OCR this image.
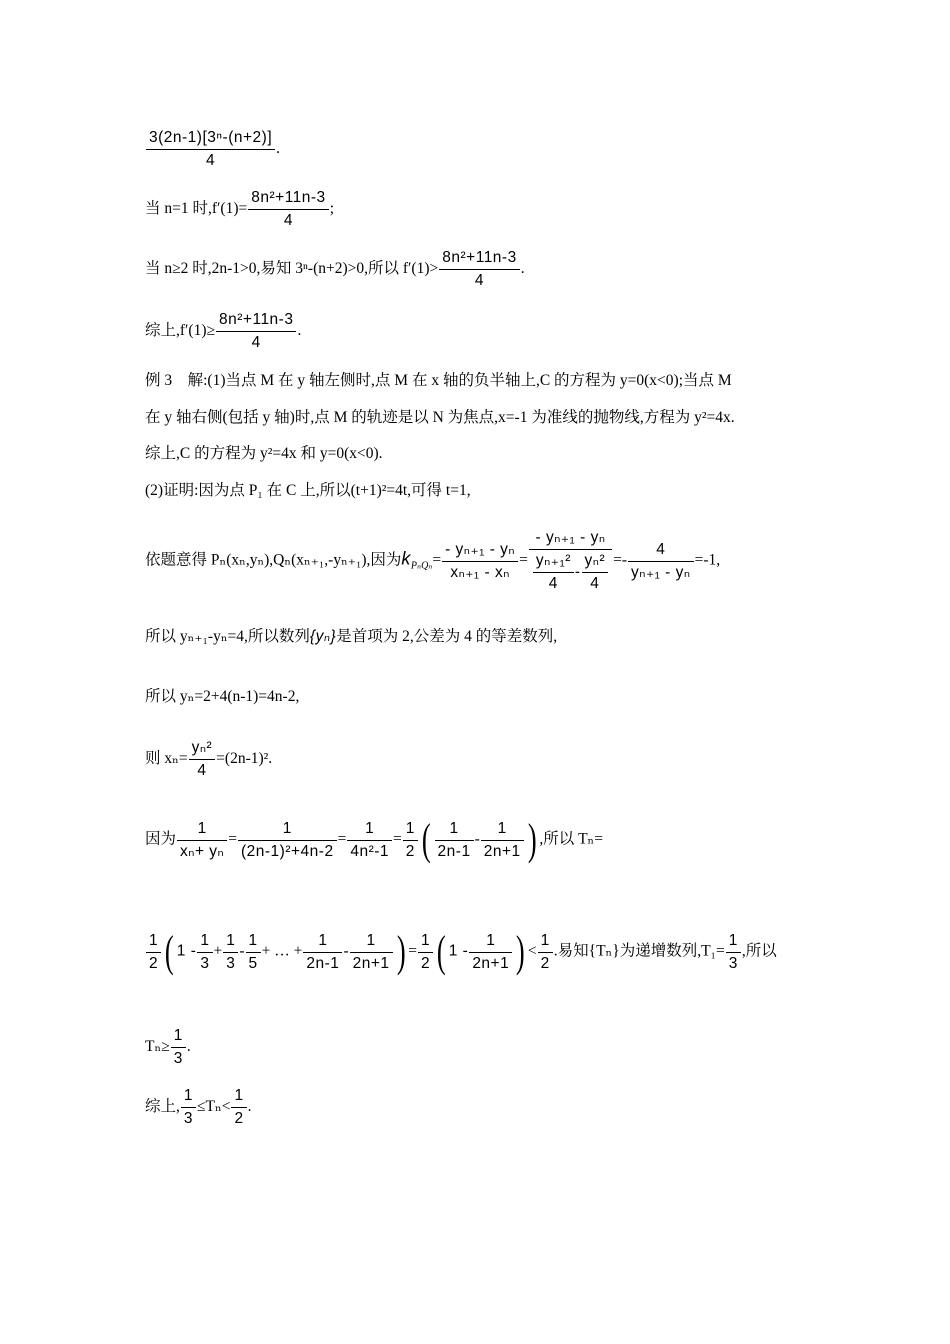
$\frac{\text{3(2n-1)[3ⁿ-(n+2)]}}{4}$ .
当 n=1 时$,f'(1)= \frac{\text{8n²+11n-3}}{4}$ ;
当 n≥2 时,2n-1>0,易知 3ⁿ-(n+2)>0,所以 $f'(1)> \frac{\text{8n²+11n-3}}{4}$ .
综上$,f'(1)\ge \frac{\text{8n²+11n-3}}{4}$ .
例 3　解:(1)当点 M 在 y 轴左侧时,点 M 在 x 轴的负半轴上,C 的方程为 y=0(x<0);当点 M
在 y 轴右侧(包括 y 轴)时,点 M 的轨迹是以 N 为焦点,x=-1 为准线的抛物线,方程为 y²=4x.
综上,C 的方程为 y²=4x 和 y=0(x<0).
(2)证明:因为点 P₁ 在 C 上,所以(t+1)²=4t,可得 t=1,
依题意得 Pₙ(xₙ,yₙ),Qₙ(xₙ₊₁,-yₙ₊₁),因为$k_{P_nQ_n}= \frac{\text{- yₙ₊₁ - yₙ}}{\text{xₙ₊₁ - xₙ}} = \frac{\text{- yₙ₊₁ - yₙ}}{\frac{\text{yₙ₊₁²}}{4} - \frac{\text{yₙ²}}{4}} =- \frac{4}{\text{yₙ₊₁ - yₙ}} =-1$,
所以 yₙ₊₁-yₙ=4,所以数列{yₙ}是首项为 2,公差为 4 的等差数列,
所以 yₙ=2+4(n-1)=4n-2,
则 $x_n= \frac{\text{yₙ²}}{4} =(2n-1)^2$.
因为 $\frac{1}{\text{xₙ+ yₙ}} = \frac{1}{\text{(2n-1)²+4n-2}} = \frac{1}{\text{4n²-1}} = \frac{1}{2}$ ( $\frac{1}{2n-1} - \frac{1}{2n+1}$ ) ,所以 Tₙ=
$\frac{1}{2}$ ( $1 - \frac{1}{3} + \frac{1}{3} - \frac{1}{5}$ + … + $\frac{1}{2n-1} - \frac{1}{2n+1}$ ) = $\frac{1}{2}$ ( $1 - \frac{1}{2n+1}$ ) < $\frac{1}{2}$ .易知{Tₙ}为递增数列$,T_1= \frac{1}{3}$ ,所以
$T_n\ge \frac{1}{3}$ .
综上, $\frac{1}{3} \le T_n< \frac{1}{2}$ .
